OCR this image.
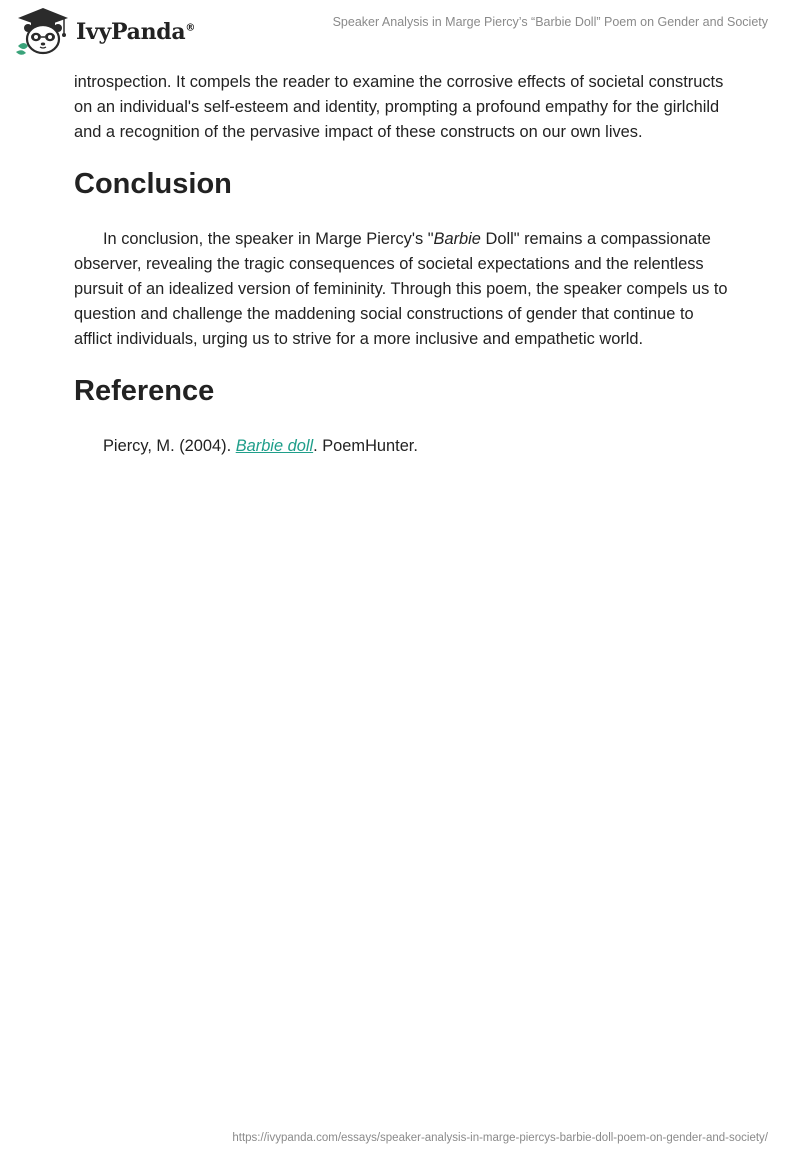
IvyPanda®	Speaker Analysis in Marge Piercy’s “Barbie Doll” Poem on Gender and Society

introspection. It compels the reader to examine the corrosive effects of societal constructs on an individual's self-esteem and identity, prompting a profound empathy for the girlchild and a recognition of the pervasive impact of these constructs on our own lives.

Conclusion

In conclusion, the speaker in Marge Piercy's "Barbie Doll" remains a compassionate observer, revealing the tragic consequences of societal expectations and the relentless pursuit of an idealized version of femininity. Through this poem, the speaker compels us to question and challenge the maddening social constructions of gender that continue to afflict individuals, urging us to strive for a more inclusive and empathetic world.

Reference

Piercy, M. (2004). Barbie doll. PoemHunter.

https://ivypanda.com/essays/speaker-analysis-in-marge-piercys-barbie-doll-poem-on-gender-and-society/
